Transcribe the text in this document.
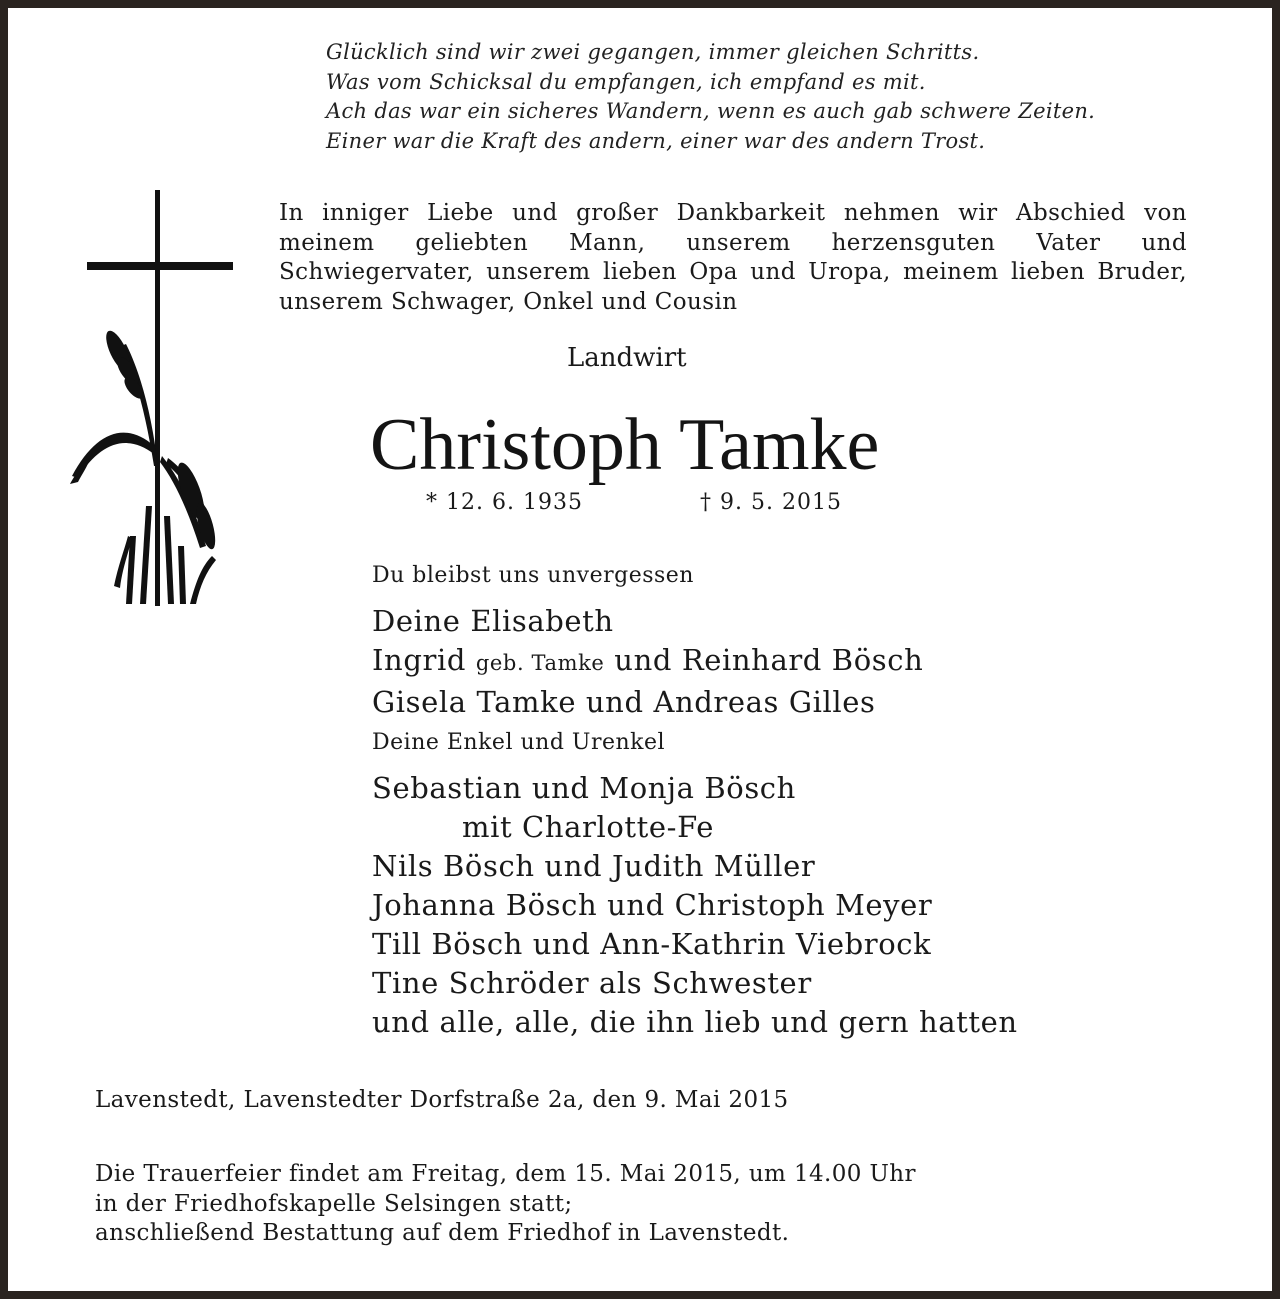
Glücklich sind wir zwei gegangen, immer gleichen Schritts.
Was vom Schicksal du empfangen, ich empfand es mit.
Ach das war ein sicheres Wandern, wenn es auch gab schwere Zeiten.
Einer war die Kraft des andern, einer war des andern Trost.

In inniger Liebe und großer Dankbarkeit nehmen wir Abschied von meinem geliebten Mann, unserem herzensguten Vater und Schwiegervater, unserem lieben Opa und Uropa, meinem lieben Bruder, unserem Schwager, Onkel und Cousin

Landwirt
Christoph Tamke
* 12. 6. 1935	† 9. 5. 2015
Du bleibst uns unvergessen
Deine Elisabeth
Ingrid geb. Tamke und Reinhard Bösch
Gisela Tamke und Andreas Gilles
Deine Enkel und Urenkel
Sebastian und Monja Bösch
mit Charlotte-Fe
Nils Bösch und Judith Müller
Johanna Bösch und Christoph Meyer
Till Bösch und Ann-Kathrin Viebrock
Tine Schröder als Schwester
und alle, alle, die ihn lieb und gern hatten
Lavenstedt, Lavenstedter Dorfstraße 2a, den 9. Mai 2015
Die Trauerfeier findet am Freitag, dem 15. Mai 2015, um 14.00 Uhr
in der Friedhofskapelle Selsingen statt;
anschließend Bestattung auf dem Friedhof in Lavenstedt.
